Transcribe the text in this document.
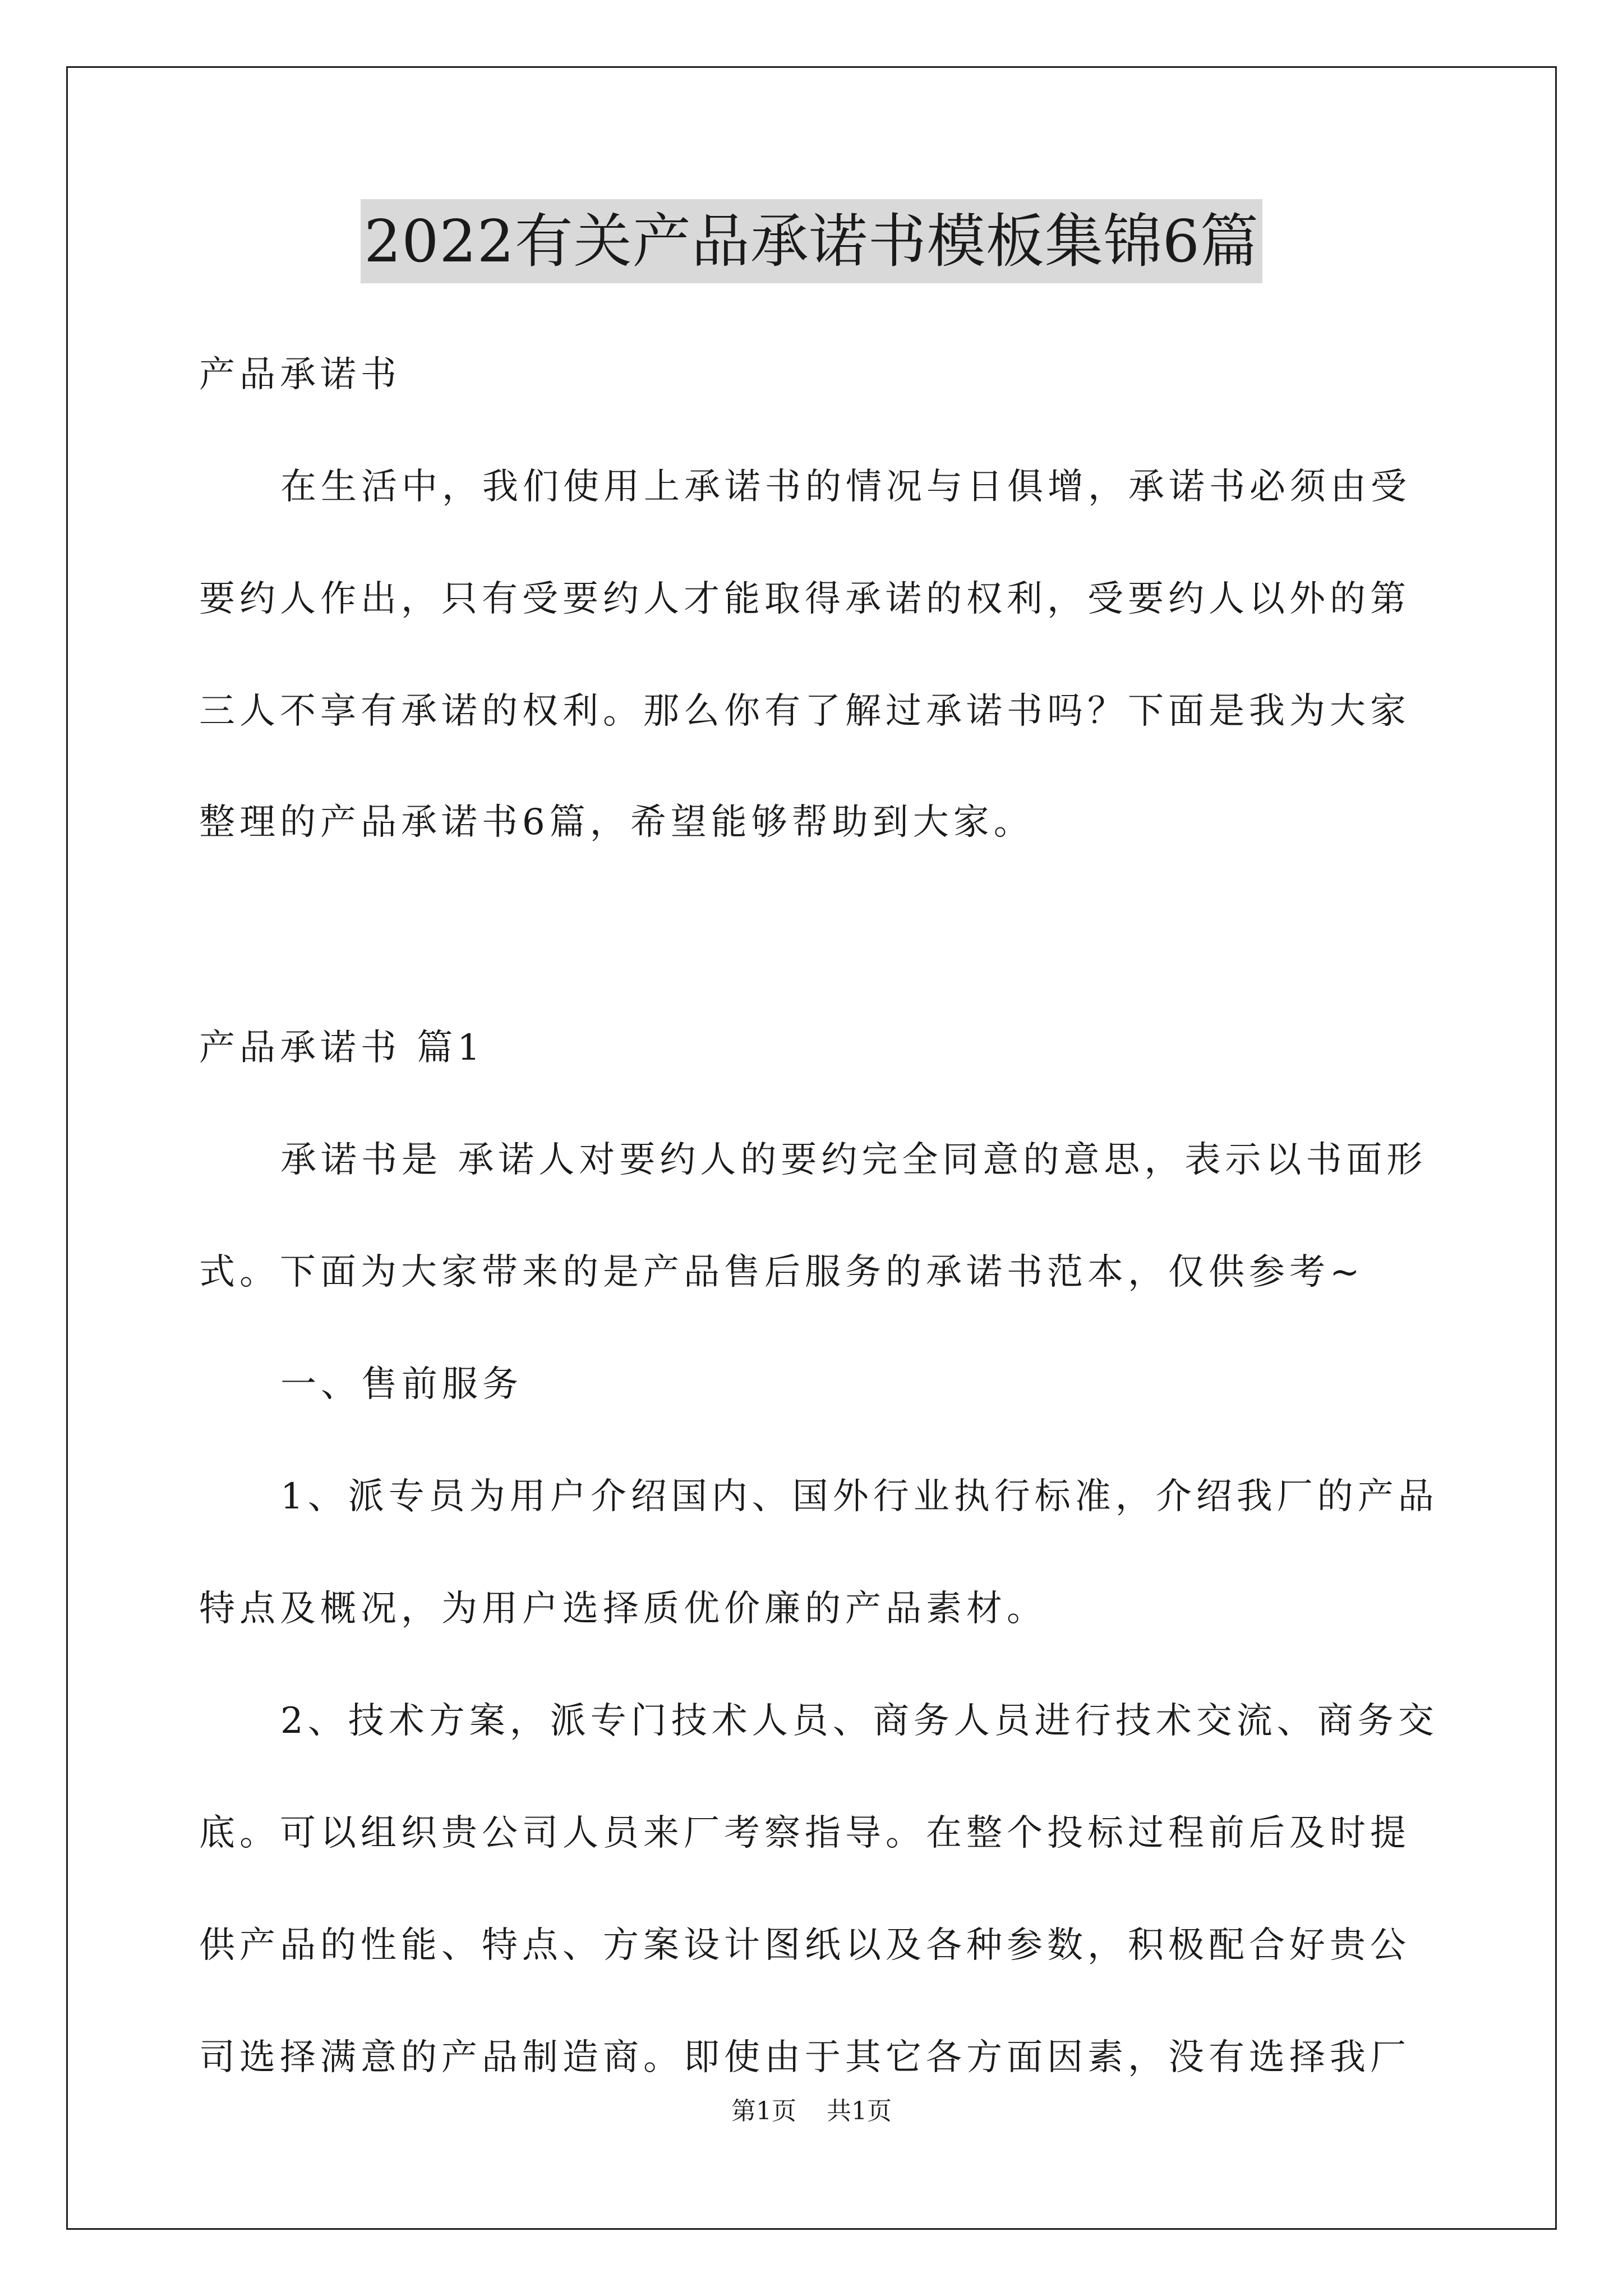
2022有关产品承诺书模板集锦6篇
产品承诺书
在生活中，我们使用上承诺书的情况与日俱增，承诺书必须由受
要约人作出，只有受要约人才能取得承诺的权利，受要约人以外的第
三人不享有承诺的权利。那么你有了解过承诺书吗？下面是我为大家
整理的产品承诺书6篇，希望能够帮助到大家。
产品承诺书 篇1
承诺书是 承诺人对要约人的要约完全同意的意思，表示以书面形
式。下面为大家带来的是产品售后服务的承诺书范本，仅供参考~
一、售前服务
1、派专员为用户介绍国内、国外行业执行标准，介绍我厂的产品
特点及概况，为用户选择质优价廉的产品素材。
2、技术方案，派专门技术人员、商务人员进行技术交流、商务交
底。可以组织贵公司人员来厂考察指导。在整个投标过程前后及时提
供产品的性能、特点、方案设计图纸以及各种参数，积极配合好贵公
司选择满意的产品制造商。即使由于其它各方面因素，没有选择我厂
第1页 共1页
